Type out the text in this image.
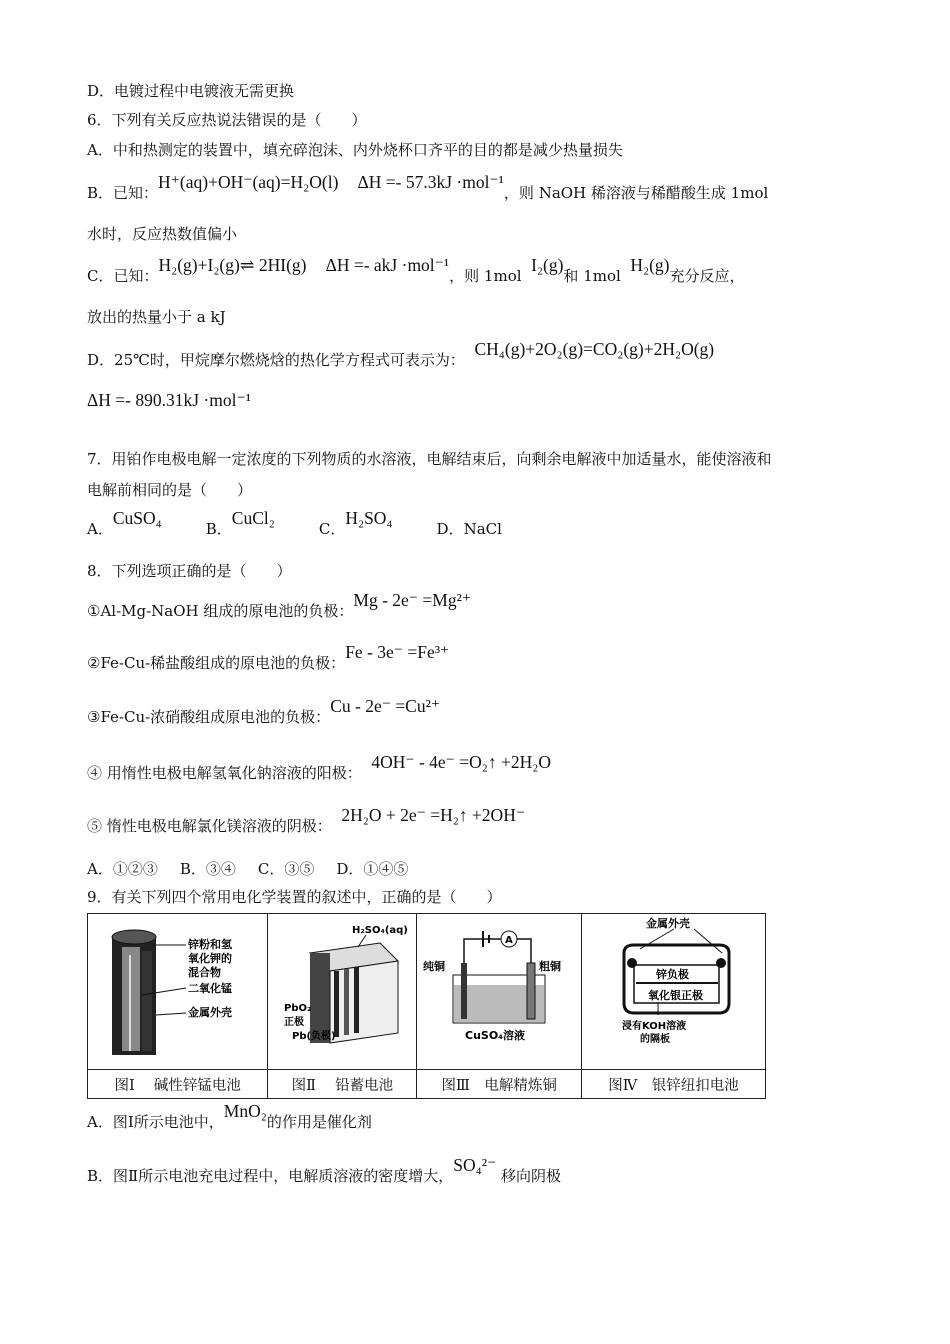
D．电镀过程中电镀液无需更换
6．下列有关反应热说法错误的是（　　）
A．中和热测定的装置中，填充碎泡沫、内外烧杯口齐平的目的都是减少热量损失
B．已知：H⁺(aq)+OH⁻(aq)=H₂O(l) ΔH =- 57.3kJ ·mol⁻¹，则 NaOH 稀溶液与稀醋酸生成 1mol
水时，反应热数值偏小
C．已知：H₂(g)+I₂(g)⇌ 2HI(g) ΔH =- akJ ·mol⁻¹，则 1mol  I₂(g)和 1mol  H₂(g)充分反应，
放出的热量小于 a kJ
D．25℃时，甲烷摩尔燃烧焓的热化学方程式可表示为：  CH₄(g)+2O₂(g)=CO₂(g)+2H₂O(g)
ΔH =- 890.31kJ ·mol⁻¹
7．用铂作电极电解一定浓度的下列物质的水溶液，电解结束后，向剩余电解液中加适量水，能使溶液和
电解前相同的是（　　）
A．CuSO₄B．CuCl₂C．H₂SO₄D．NaCl
8．下列选项正确的是（　　）
①Al-Mg-NaOH 组成的原电池的负极：Mg - 2e⁻ =Mg²⁺
②Fe-Cu-稀盐酸组成的原电池的负极：Fe - 3e⁻ =Fe³⁺
③Fe-Cu-浓硝酸组成原电池的负极：Cu - 2e⁻ =Cu²⁺
④ 用惰性电极电解氢氧化钠溶液的阳极：  4OH⁻ - 4e⁻ =O₂↑ +2H₂O
⑤ 惰性电极电解氯化镁溶液的阴极：  2H₂O + 2e⁻ =H₂↑ +2OH⁻
A．①②③ B．③④ C．③⑤ D．①④⑤
9．有关下列四个常用电化学装置的叙述中，正确的是（　　）
锌粉和氢
氧化钾的
混合物
二氧化锰
金属外壳	H₂SO₄(aq)
PbO₂
正极
Pb(负极)	A
纯铜 粗铜
CuSO₄溶液	金属外壳
锌负极
氧化银正极
浸有KOH溶液
的隔板

图Ⅰ　 碱性锌锰电池	图Ⅱ　 铅蓄电池	图Ⅲ　电解精炼铜	图Ⅳ　银锌纽扣电池
A．图Ⅰ所示电池中，MnO₂的作用是催化剂
B．图Ⅱ所示电池充电过程中，电解质溶液的密度增大，SO₄²⁻ 移向阴极
